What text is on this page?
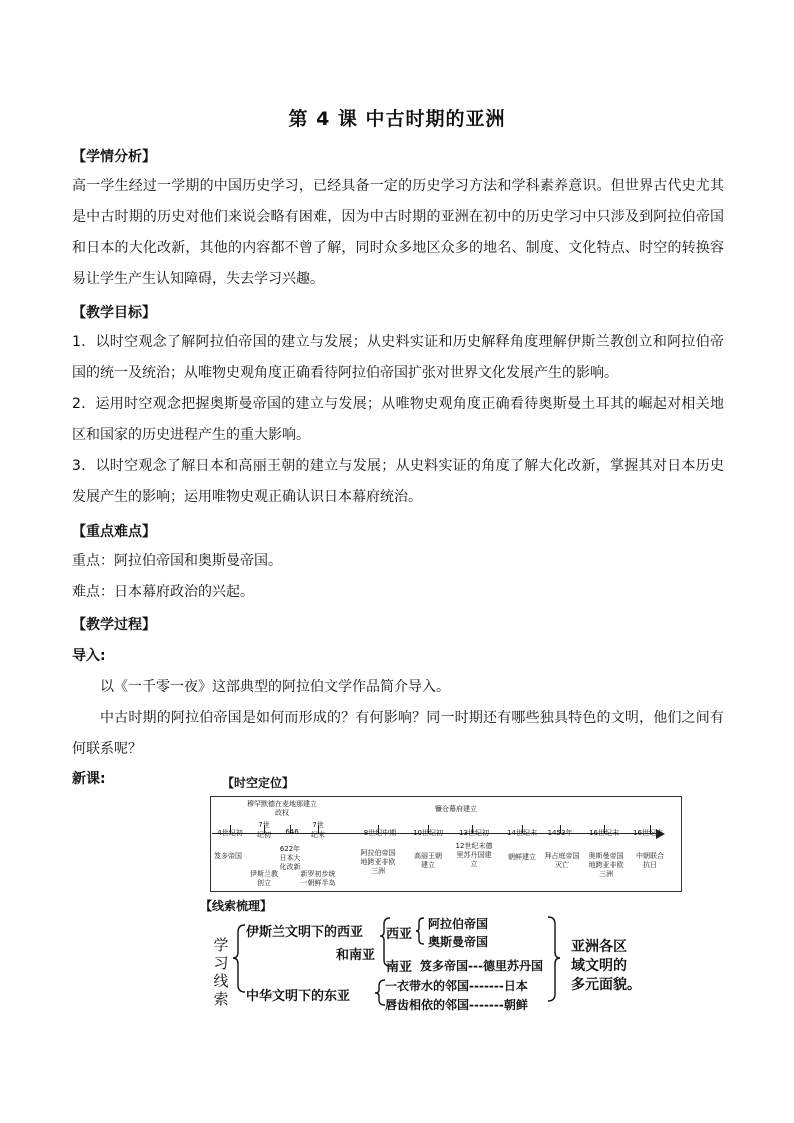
第 4 课 中古时期的亚洲
【学情分析】
高一学生经过一学期的中国历史学习，已经具备一定的历史学习方法和学科素养意识。但世界古代史尤其是中古时期的历史对他们来说会略有困难，因为中古时期的亚洲在初中的历史学习中只涉及到阿拉伯帝国和日本的大化改新，其他的内容都不曾了解，同时众多地区众多的地名、制度、文化特点、时空的转换容易让学生产生认知障碍，失去学习兴趣。
【教学目标】
1．以时空观念了解阿拉伯帝国的建立与发展；从史料实证和历史解释角度理解伊斯兰教创立和阿拉伯帝国的统一及统治；从唯物史观角度正确看待阿拉伯帝国扩张对世界文化发展产生的影响。
2．运用时空观念把握奥斯曼帝国的建立与发展；从唯物史观角度正确看待奥斯曼土耳其的崛起对相关地区和国家的历史进程产生的重大影响。
3．以时空观念了解日本和高丽王朝的建立与发展；从史料实证的角度了解大化改新，掌握其对日本历史发展产生的影响；运用唯物史观正确认识日本幕府统治。
【重点难点】
重点：阿拉伯帝国和奥斯曼帝国。
难点：日本幕府政治的兴起。
【教学过程】
导入:
以《一千零一夜》这部典型的阿拉伯文学作品简介导入。
中古时期的阿拉伯帝国是如何而形成的？有何影响？同一时期还有哪些独具特色的文明，他们之间有何联系呢？
新课:	【时空定位】
穆罕默德在麦地那建立政权	镰仓幕府建立
4世纪初
7世纪初 646
7世纪末	8世纪中期 10世纪初 13世纪初	14世纪末 1453年 16世纪末 16世纪末
笈多帝国
伊斯兰教创立
622年日本大化改新
新罗初步统一朝鲜半岛
阿拉伯帝国地跨亚非欧三洲
高丽王朝建立
12世纪末德里苏丹国建立
朝鲜建立	拜占庭帝国灭亡
奥斯曼帝国地跨亚非欧三洲
中朝联合抗日
【线索梳理】
学
习
线
索
伊斯兰文明下的西亚
和南亚
西亚
阿拉伯帝国
奥斯曼帝国
南亚 笈多帝国---德里苏丹国
中华文明下的东亚
一衣带水的邻国-------日本
唇齿相依的邻国-------朝鲜
亚洲各区
域文明的
多元面貌。
